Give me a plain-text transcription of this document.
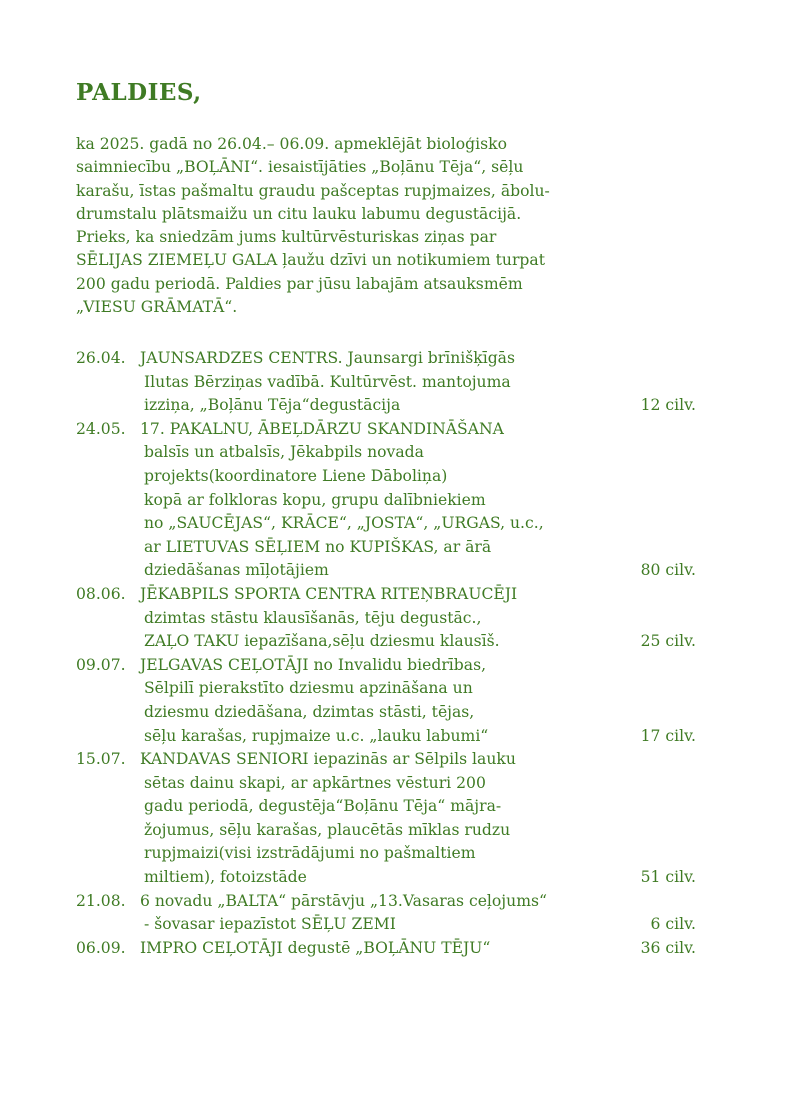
PALDIES,
ka 2025. gadā no 26.04.– 06.09. apmeklējāt bioloģisko
saimniecību „BOĻĀNI“. iesaistījāties „Boļānu Tēja“, sēļu
karašu, īstas pašmaltu graudu pašceptas rupjmaizes, ābolu-
drumstalu plātsmaižu un citu lauku labumu degustācijā.
Prieks, ka sniedzām jums kultūrvēsturiskas ziņas par
SĒLIJAS ZIEMEĻU GALA ļaužu dzīvi un notikumiem turpat
200 gadu periodā. Paldies par jūsu labajām atsauksmēm
„VIESU GRĀMATĀ“.
26.04. JAUNSARDZES CENTRS. Jaunsargi brīnišķīgās
Ilutas Bērziņas vadībā. Kultūrvēst. mantojuma
izziņa, „Boļānu Tēja“degustācija	12 cilv.
24.05. 17. PAKALNU, ĀBEĻDĀRZU SKANDINĀŠANA
balsīs un atbalsīs, Jēkabpils novada
projekts(koordinatore Liene Dāboliņa)
kopā ar folkloras kopu, grupu dalībniekiem
no „SAUCĒJAS“, KRĀCE“, „JOSTA“, „URGAS, u.c.,
ar LIETUVAS SĒĻIEM no KUPIŠKAS, ar ārā
dziedāšanas mīļotājiem	80 cilv.
08.06. JĒKABPILS SPORTA CENTRA RITEŅBRAUCĒJI
dzimtas stāstu klausīšanās, tēju degustāc.,
ZAĻO TAKU iepazīšana,sēļu dziesmu klausīš.	25 cilv.
09.07. JELGAVAS CEĻOTĀJI no Invalidu biedrības,
Sēlpilī pierakstīto dziesmu apzināšana un
dziesmu dziedāšana, dzimtas stāsti, tējas,
sēļu karašas, rupjmaize u.c. „lauku labumi“	17 cilv.
15.07. KANDAVAS SENIORI iepazinās ar Sēlpils lauku
sētas dainu skapi, ar apkārtnes vēsturi 200
gadu periodā, degustēja“Boļānu Tēja“ mājra-
žojumus, sēļu karašas, plaucētās mīklas rudzu
rupjmaizi(visi izstrādājumi no pašmaltiem
miltiem), fotoizstāde	51 cilv.
21.08. 6 novadu „BALTA“ pārstāvju „13.Vasaras ceļojums“
- šovasar iepazīstot SĒĻU ZEMI	6 cilv.
06.09. IMPRO CEĻOTĀJI degustē „BOĻĀNU TĒJU“	36 cilv.
